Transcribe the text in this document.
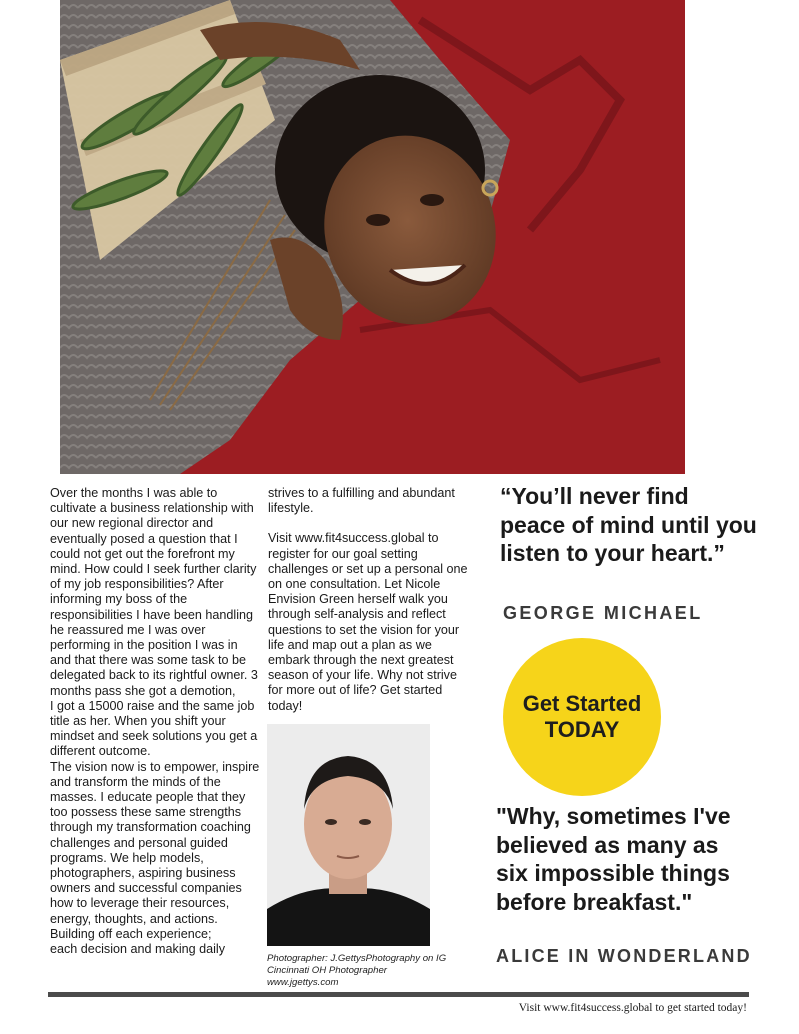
Over the months I was able to cultivate a business relationship with our new regional director and eventually posed a question that I could not get out the forefront my mind. How could I seek further clarity of my job responsibilities? After informing my boss of the responsibilities I have been handling he reassured me I was over performing in the position I was in and that there was some task to be delegated back to its rightful owner. 3 months pass she got a demotion,
I got a 15000 raise and the same job title as her. When you shift your mindset and seek solutions you get a different outcome.
The vision now is to empower, inspire and transform the minds of the masses. I educate people that they too possess these same strengths through my transformation coaching challenges and personal guided programs. We help models, photographers, aspiring business owners and successful companies how to leverage their resources, energy, thoughts, and actions.
Building off each experience;
each decision and making daily

strives to a fulfilling and abundant lifestyle.

Visit www.fit4success.global to register for our goal setting challenges or set up a personal one on one consultation. Let Nicole Envision Green herself walk you through self-analysis and reflect questions to set the vision for your life and map out a plan as we embark through the next greatest season of your life. Why not strive for more out of life? Get started today!

Photographer: J.GettysPhotography on IG
Cincinnati OH Photographer
www.jgettys.com
“You’ll never find peace of mind until you listen to your heart.”
GEORGE MICHAEL
Get Started
TODAY
"Why, sometimes I've believed as many as six impossible things before breakfast."
ALICE IN WONDERLAND
Visit www.fit4success.global to get started today!
